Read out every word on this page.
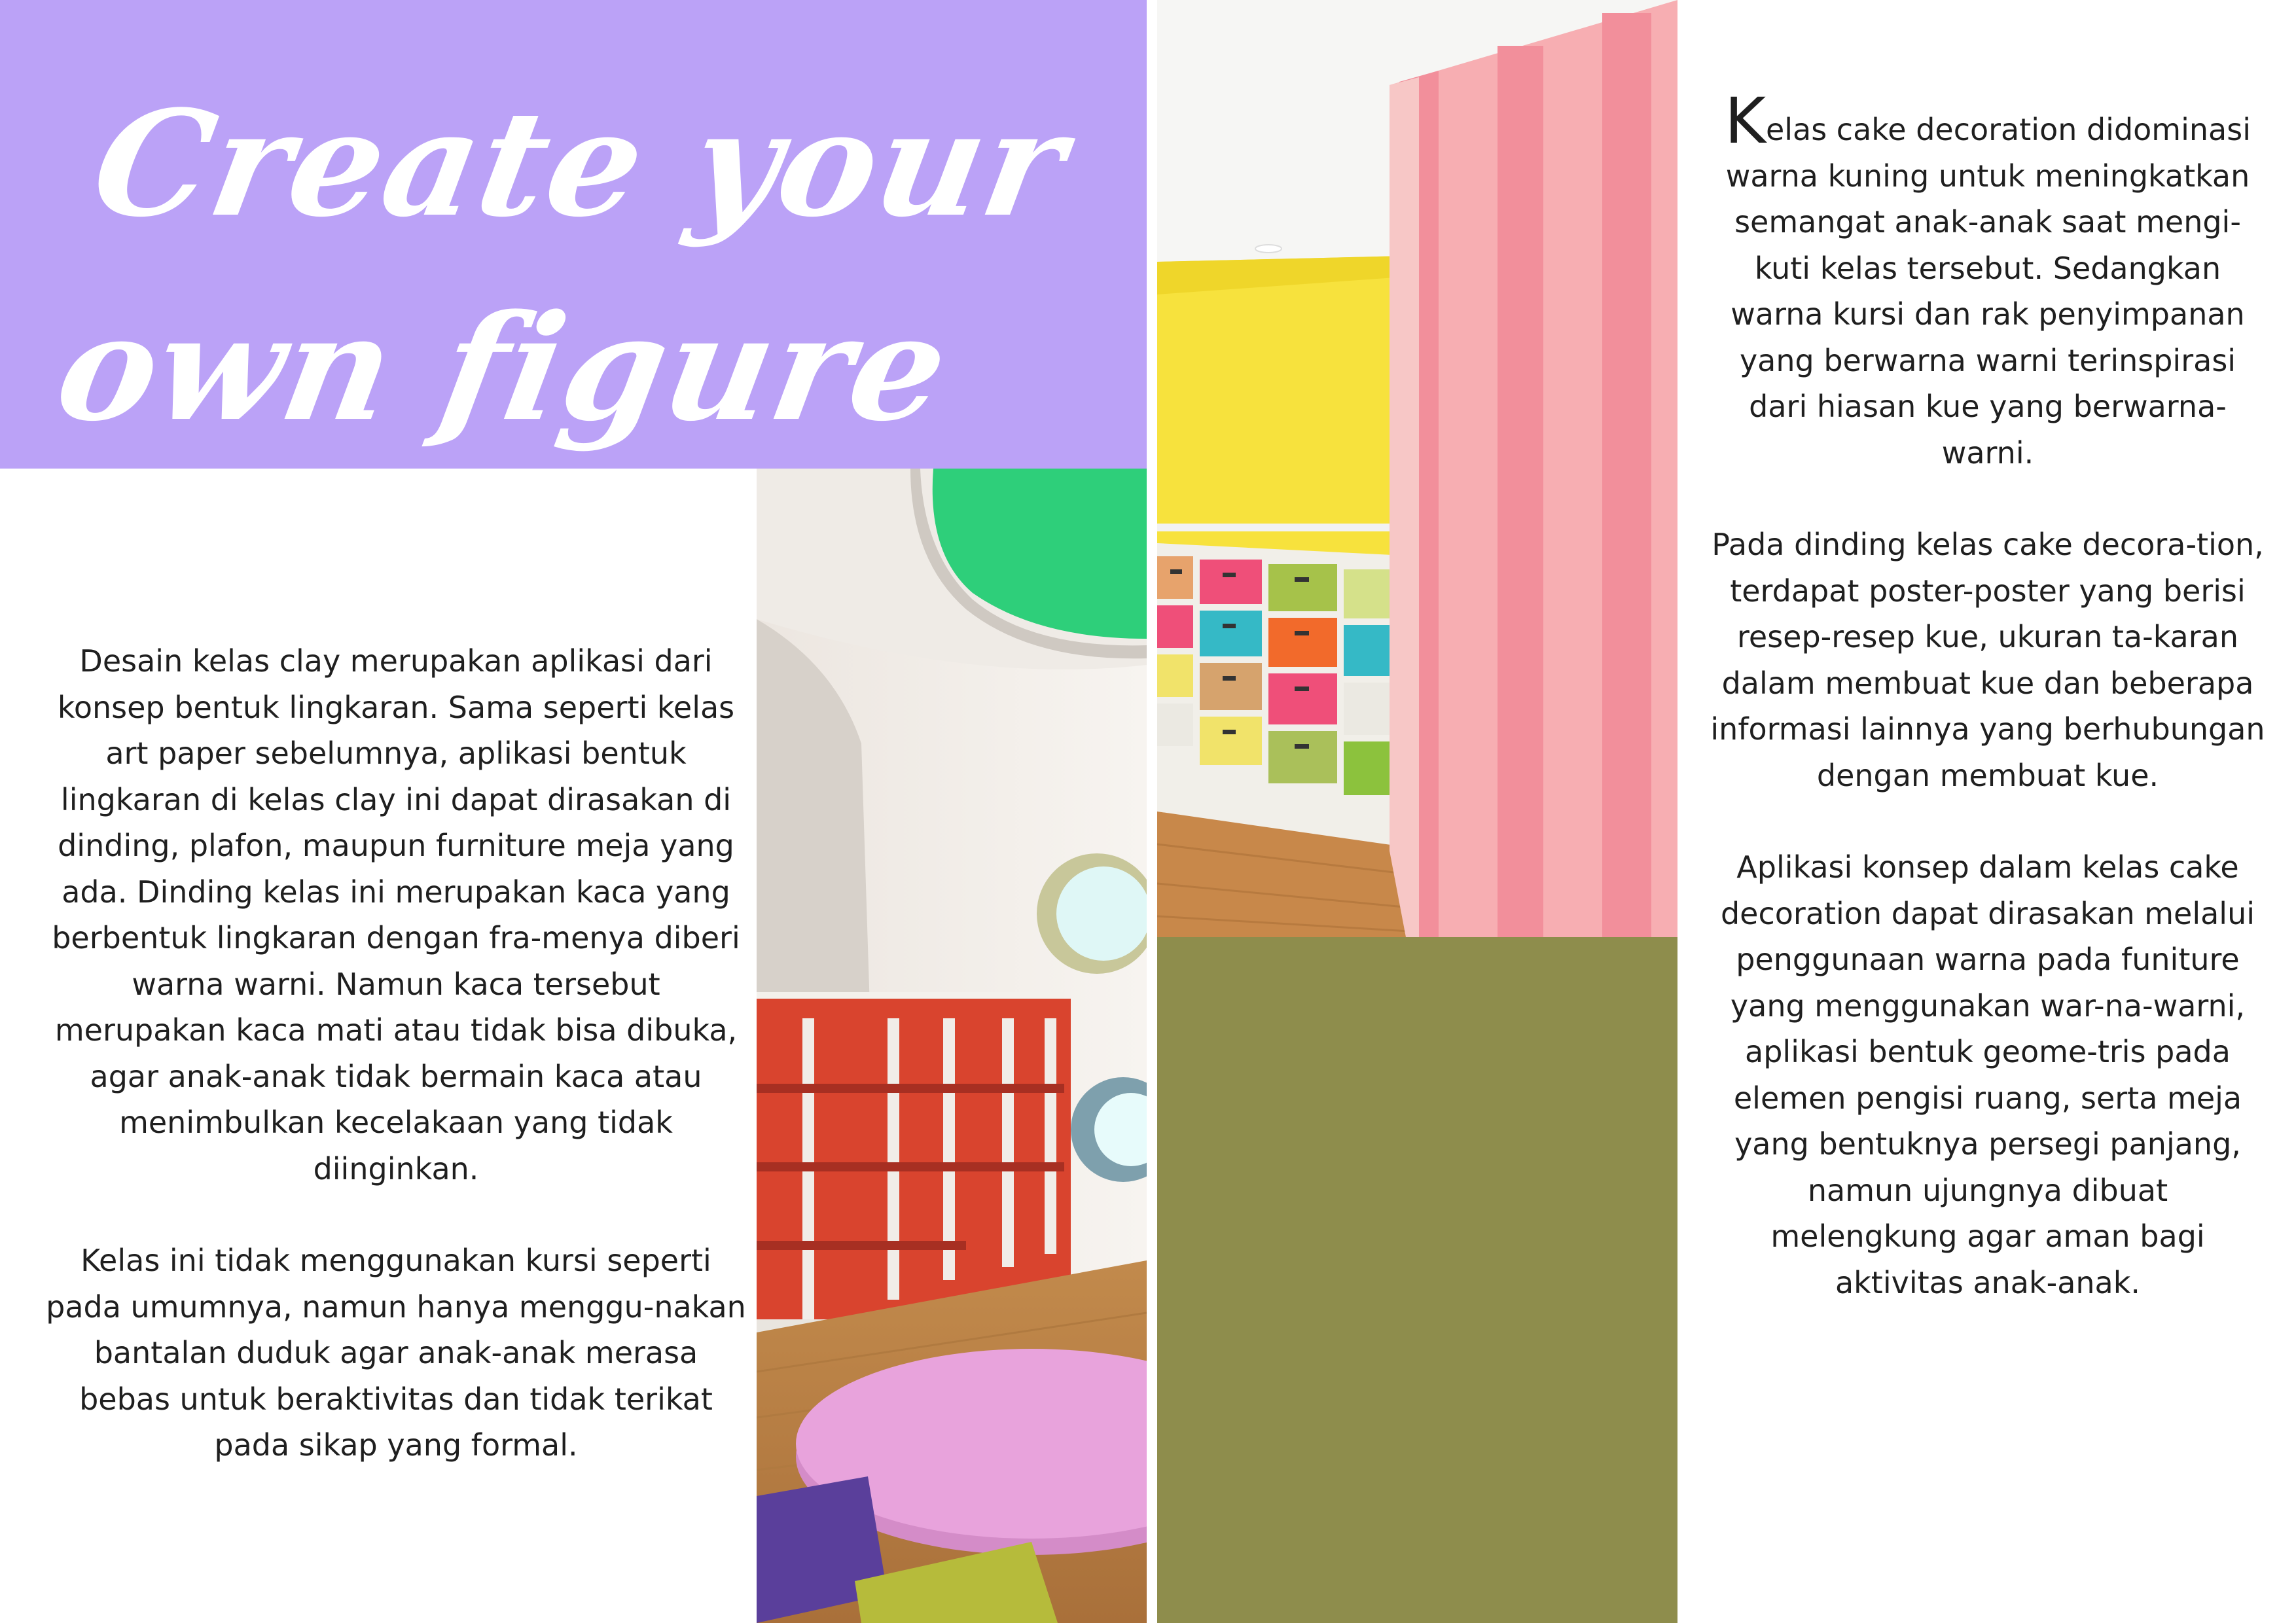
Create your
own figure

Desain kelas clay merupakan aplikasi dari konsep bentuk lingkaran. Sama seperti kelas art paper sebelumnya, aplikasi bentuk lingkaran di kelas clay ini dapat dirasakan di dinding, plafon, maupun furniture meja yang ada. Dinding kelas ini merupakan kaca yang berbentuk lingkaran dengan fra-menya diberi warna warni. Namun kaca tersebut merupakan kaca mati atau tidak bisa dibuka, agar anak-anak tidak bermain kaca atau menimbulkan kecelakaan yang tidak diinginkan.

Kelas ini tidak menggunakan kursi seperti pada umumnya, namun hanya menggu-nakan bantalan duduk agar anak-anak merasa bebas untuk beraktivitas dan tidak terikat pada sikap yang formal.

Kelas cake decoration didominasi warna kuning untuk meningkatkan semangat anak-anak saat mengi-kuti kelas tersebut. Sedangkan warna kursi dan rak penyimpanan yang berwarna warni terinspirasi dari hiasan kue yang berwarna-warni.

Pada dinding kelas cake decora-tion, terdapat poster-poster yang berisi resep-resep kue, ukuran ta-karan dalam membuat kue dan beberapa informasi lainnya yang berhubungan dengan membuat kue.

Aplikasi konsep dalam kelas cake decoration dapat dirasakan melalui penggunaan warna pada funiture yang menggunakan war-na-warni, aplikasi bentuk geome-tris pada elemen pengisi ruang, serta meja yang bentuknya persegi panjang, namun ujungnya dibuat melengkung agar aman bagi aktivitas anak-anak.
